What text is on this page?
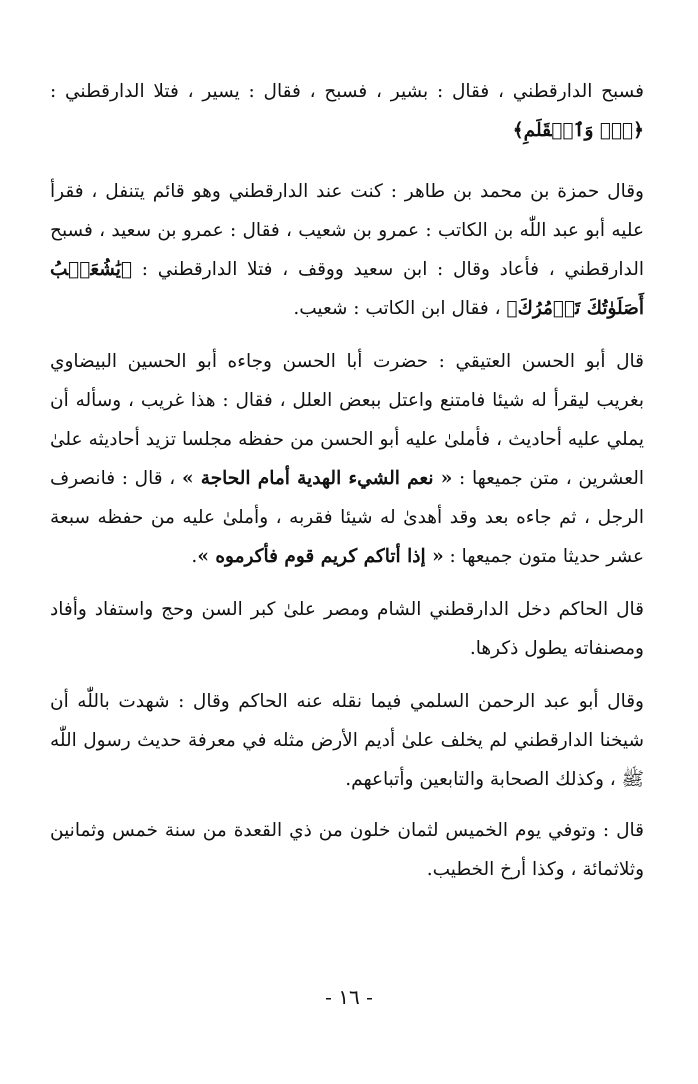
فسبح الدارقطني ، فقال : بشير ، فسبح ، فقال : يسير ، فتلا الدارقطني : ﴿نٓۚ وَٱلۡقَلَمِ﴾

وقال حمزة بن محمد بن طاهر : كنت عند الدارقطني وهو قائم يتنفل ، فقرأ عليه أبو عبد اللّٰه بن الكاتب : عمرو بن شعيب ، فقال : عمرو بن سعيد ، فسبح الدارقطني ، فأعاد وقال : ابن سعيد ووقف ، فتلا الدارقطني : ﴿يَٰشُعَيۡبُ أَصَلَوٰتُكَ تَأۡمُرُكَ﴾ ، فقال ابن الكاتب : شعيب.

قال أبو الحسن العتيقي : حضرت أبا الحسن وجاءه أبو الحسين البيضاوي بغريب ليقرأ له شيئا فامتنع واعتل ببعض العلل ، فقال : هذا غريب ، وسأله أن يملي عليه أحاديث ، فأملىٰ عليه أبو الحسن من حفظه مجلسا تزيد أحاديثه علىٰ العشرين ، متن جميعها : « نعم الشيء الهدية أمام الحاجة » ، قال : فانصرف الرجل ، ثم جاءه بعد وقد أهدىٰ له شيئا فقربه ، وأملىٰ عليه من حفظه سبعة عشر حديثا متون جميعها : « إذا أتاكم كريم قوم فأكرموه ».

قال الحاكم دخل الدارقطني الشام ومصر علىٰ كبر السن وحج واستفاد وأفاد ومصنفاته يطول ذكرها.

وقال أبو عبد الرحمن السلمي فيما نقله عنه الحاكم وقال : شهدت باللّٰه أن شيخنا الدارقطني لم يخلف علىٰ أديم الأرض مثله في معرفة حديث رسول اللّٰه ﷺ ، وكذلك الصحابة والتابعين وأتباعهم.

قال : وتوفي يوم الخميس لثمان خلون من ذي القعدة من سنة خمس وثمانين وثلاثمائة ، وكذا أرخ الخطيب.

- ١٦ -
